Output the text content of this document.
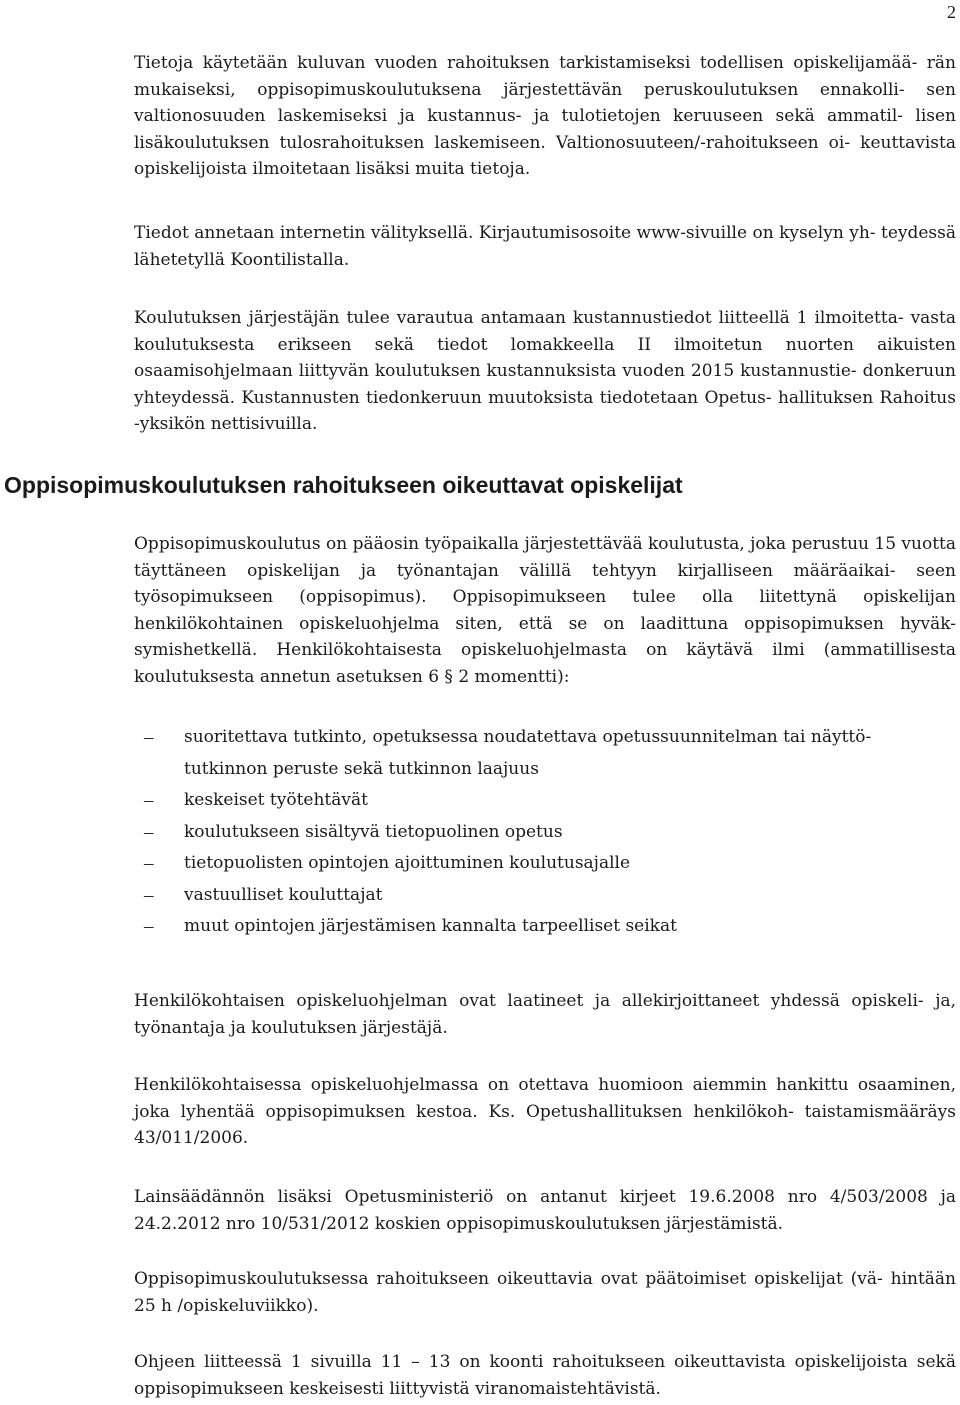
2

Tietoja käytetään kuluvan vuoden rahoituksen tarkistamiseksi todellisen opiskelijamää- rän mukaiseksi, oppisopimuskoulutuksena järjestettävän peruskoulutuksen ennakolli- sen valtionosuuden laskemiseksi ja kustannus- ja tulotietojen keruuseen sekä ammatil- lisen lisäkoulutuksen tulosrahoituksen laskemiseen. Valtionosuuteen/-rahoitukseen oi- keuttavista opiskelijoista ilmoitetaan lisäksi muita tietoja.

Tiedot annetaan internetin välityksellä. Kirjautumisosoite www-sivuille on kyselyn yh- teydessä lähetetyllä Koontilistalla.

Koulutuksen järjestäjän tulee varautua antamaan kustannustiedot liitteellä 1 ilmoitetta- vasta koulutuksesta erikseen sekä tiedot lomakkeella II ilmoitetun nuorten aikuisten osaamisohjelmaan liittyvän koulutuksen kustannuksista vuoden 2015 kustannustie- donkeruun yhteydessä. Kustannusten tiedonkeruun muutoksista tiedotetaan Opetus- hallituksen Rahoitus -yksikön nettisivuilla.

Oppisopimuskoulutuksen rahoitukseen oikeuttavat opiskelijat

Oppisopimuskoulutus on pääosin työpaikalla järjestettävää koulutusta, joka perustuu 15 vuotta täyttäneen opiskelijan ja työnantajan välillä tehtyyn kirjalliseen määräaikai- seen työsopimukseen (oppisopimus). Oppisopimukseen tulee olla liitettynä opiskelijan henkilökohtainen opiskeluohjelma siten, että se on laadittuna oppisopimuksen hyväk- symishetkellä. Henkilökohtaisesta opiskeluohjelmasta on käytävä ilmi (ammatillisesta koulutuksesta annetun asetuksen 6 § 2 momentti):

– suoritettava tutkinto, opetuksessa noudatettava opetussuunnitelman tai näyttö-
tutkinnon peruste sekä tutkinnon laajuus
– keskeiset työtehtävät
– koulutukseen sisältyvä tietopuolinen opetus
– tietopuolisten opintojen ajoittuminen koulutusajalle
– vastuulliset kouluttajat
– muut opintojen järjestämisen kannalta tarpeelliset seikat

Henkilökohtaisen opiskeluohjelman ovat laatineet ja allekirjoittaneet yhdessä opiskeli- ja, työnantaja ja koulutuksen järjestäjä.

Henkilökohtaisessa opiskeluohjelmassa on otettava huomioon aiemmin hankittu osaaminen, joka lyhentää oppisopimuksen kestoa. Ks. Opetushallituksen henkilökoh- taistamismääräys 43/011/2006.

Lainsäädännön lisäksi Opetusministeriö on antanut kirjeet 19.6.2008 nro 4/503/2008 ja 24.2.2012 nro 10/531/2012 koskien oppisopimuskoulutuksen järjestämistä.

Oppisopimuskoulutuksessa rahoitukseen oikeuttavia ovat päätoimiset opiskelijat (vä- hintään 25 h /opiskeluviikko).

Ohjeen liitteessä 1 sivuilla 11 – 13 on koonti rahoitukseen oikeuttavista opiskelijoista sekä oppisopimukseen keskeisesti liittyvistä viranomaistehtävistä.
